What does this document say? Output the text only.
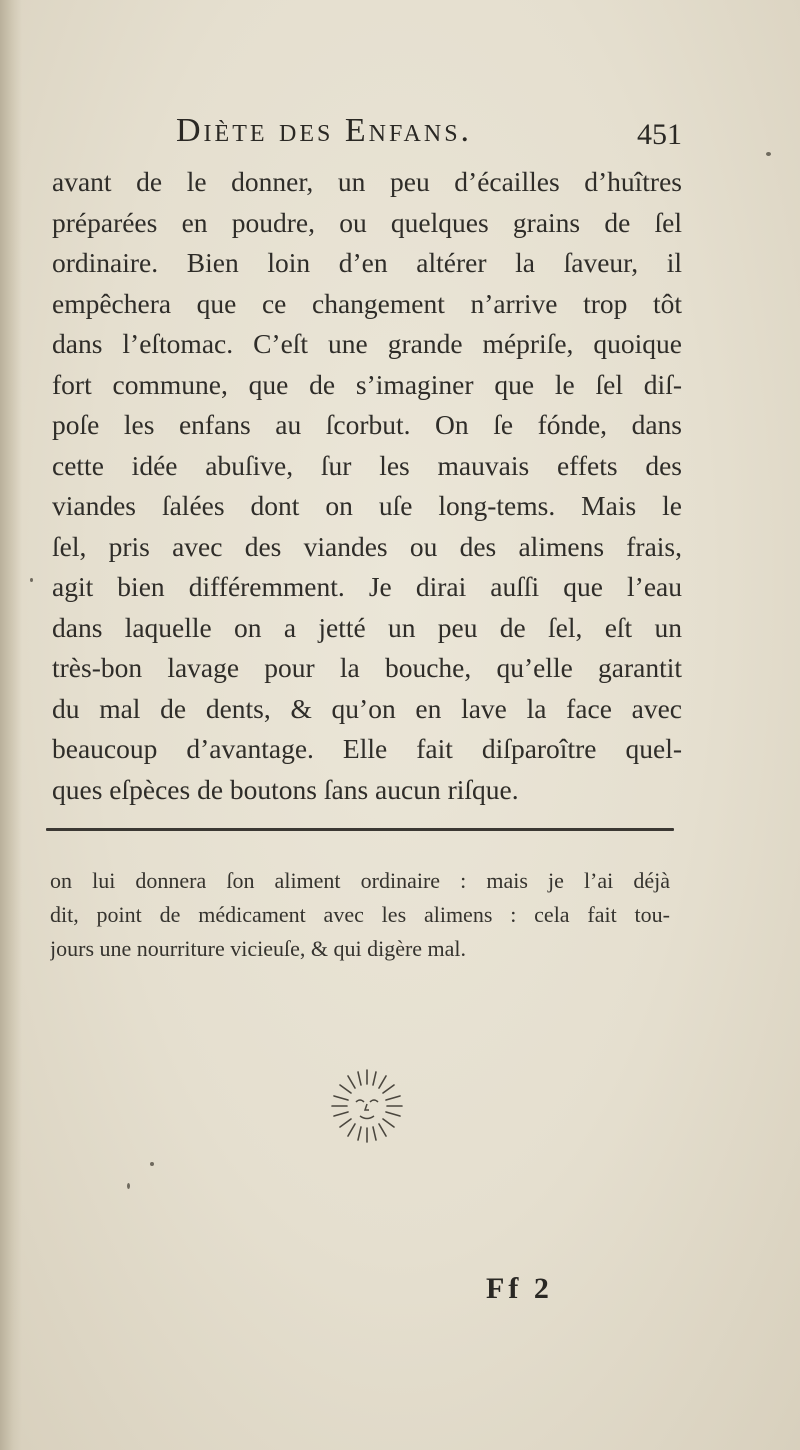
Diète des Enfans.	451

avant de le donner, un peu d’écailles d’huîtres
préparées en poudre, ou quelques grains de ſel
ordinaire. Bien loin d’en altérer la ſaveur, il
empêchera que ce changement n’arrive trop tôt
dans l’eſtomac. C’eſt une grande mépriſe, quoique
fort commune, que de s’imaginer que le ſel diſ-
poſe les enfans au ſcorbut. On ſe fónde, dans
cette idée abuſive, ſur les mauvais effets des
viandes ſalées dont on uſe long-tems. Mais le
ſel, pris avec des viandes ou des alimens frais,
agit bien différemment. Je dirai auſſi que l’eau
dans laquelle on a jetté un peu de ſel, eſt un
très-bon lavage pour la bouche, qu’elle garantit
du mal de dents, & qu’on en lave la face avec
beaucoup d’avantage. Elle fait diſparoître quel-
ques eſpèces de boutons ſans aucun riſque.

on lui donnera ſon aliment ordinaire : mais je l’ai déjà
dit, point de médicament avec les alimens : cela fait tou-
jours une nourriture vicieuſe, & qui digère mal.
Ff 2
